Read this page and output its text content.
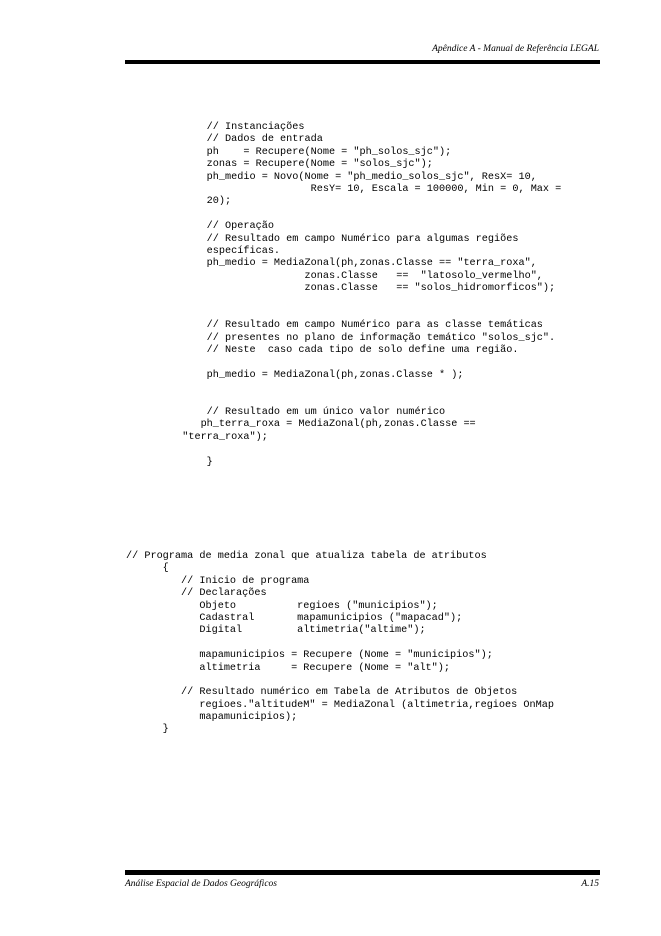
Apêndice A - Manual de Referência LEGAL
// Instanciações
// Dados de entrada
ph    = Recupere(Nome = "ph_solos_sjc");
zonas = Recupere(Nome = "solos_sjc");
ph_medio = Novo(Nome = "ph_medio_solos_sjc", ResX= 10,
ResY= 10, Escala = 100000, Min = 0, Max =
20);
// Operação
// Resultado em campo Numérico para algumas regiões
específicas.
ph_medio = MediaZonal(ph,zonas.Classe == "terra_roxa",
zonas.Classe   ==  "latosolo_vermelho",
zonas.Classe   == "solos_hidromorficos");
// Resultado em campo Numérico para as classe temáticas
// presentes no plano de informação temático "solos_sjc".
// Neste  caso cada tipo de solo define uma região.
ph_medio = MediaZonal(ph,zonas.Classe * );
// Resultado em um único valor numérico
ph_terra_roxa = MediaZonal(ph,zonas.Classe ==
"terra_roxa");
}
// Programa de media zonal que atualiza tabela de atributos
{
// Inicio de programa
// Declarações
Objeto          regioes ("municipios");
Cadastral       mapamunicipios ("mapacad");
Digital         altimetria("altime");
mapamunicipios = Recupere (Nome = "municipios");
altimetria     = Recupere (Nome = "alt");
// Resultado numérico em Tabela de Atributos de Objetos
regioes."altitudeM" = MediaZonal (altimetria,regioes OnMap
mapamunicipios);
}
Análise Espacial de Dados Geográficos	A.15
